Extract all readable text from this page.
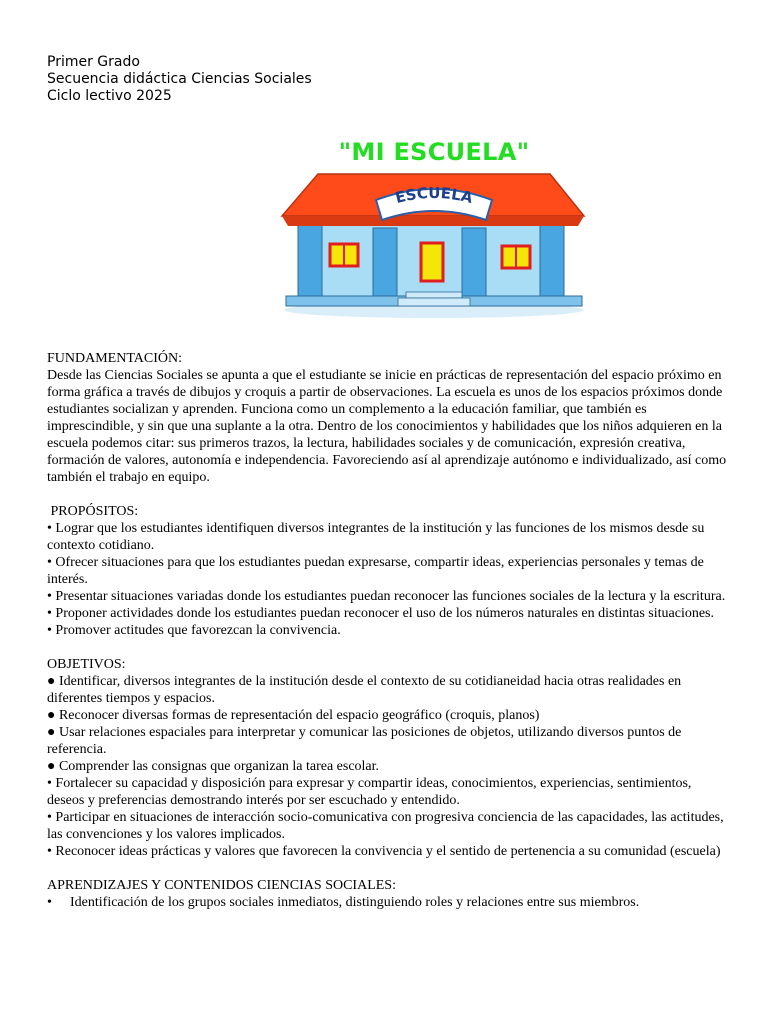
Primer Grado
Secuencia didáctica Ciencias Sociales
Ciclo lectivo 2025
"MI ESCUELA"
ESCUELA

FUNDAMENTACIÓN:

Desde las Ciencias Sociales se apunta a que el estudiante se inicie en prácticas de representación del espacio próximo en forma gráfica a través de dibujos y croquis a partir de observaciones. La escuela es unos de los espacios próximos donde estudiantes socializan y aprenden. Funciona como un complemento a la educación familiar, que también es imprescindible, y sin que una suplante a la otra. Dentro de los conocimientos y habilidades que los niños adquieren en la escuela podemos citar: sus primeros trazos, la lectura, habilidades sociales y de comunicación, expresión creativa, formación de valores, autonomía e independencia. Favoreciendo así al aprendizaje autónomo e individualizado, así como también el trabajo en equipo.

PROPÓSITOS:

• Lograr que los estudiantes identifiquen diversos integrantes de la institución y las funciones de los mismos desde su contexto cotidiano.

• Ofrecer situaciones para que los estudiantes puedan expresarse, compartir ideas, experiencias personales y temas de interés.

• Presentar situaciones variadas donde los estudiantes puedan reconocer las funciones sociales de la lectura y la escritura.

• Proponer actividades donde los estudiantes puedan reconocer el uso de los números naturales en distintas situaciones.

• Promover actitudes que favorezcan la convivencia.

OBJETIVOS:

● Identificar, diversos integrantes de la institución desde el contexto de su cotidianeidad hacia otras realidades en diferentes tiempos y espacios.

● Reconocer diversas formas de representación del espacio geográfico (croquis, planos)

● Usar relaciones espaciales para interpretar y comunicar las posiciones de objetos, utilizando diversos puntos de referencia.

● Comprender las consignas que organizan la tarea escolar.

• Fortalecer su capacidad y disposición para expresar y compartir ideas, conocimientos, experiencias, sentimientos, deseos y preferencias demostrando interés por ser escuchado y entendido.

• Participar en situaciones de interacción socio-comunicativa con progresiva conciencia de las capacidades, las actitudes, las convenciones y los valores implicados.

• Reconocer ideas prácticas y valores que favorecen la convivencia y el sentido de pertenencia a su comunidad (escuela)

APRENDIZAJES Y CONTENIDOS CIENCIAS SOCIALES:

•	Identificación de los grupos sociales inmediatos, distinguiendo roles y relaciones entre sus miembros.
